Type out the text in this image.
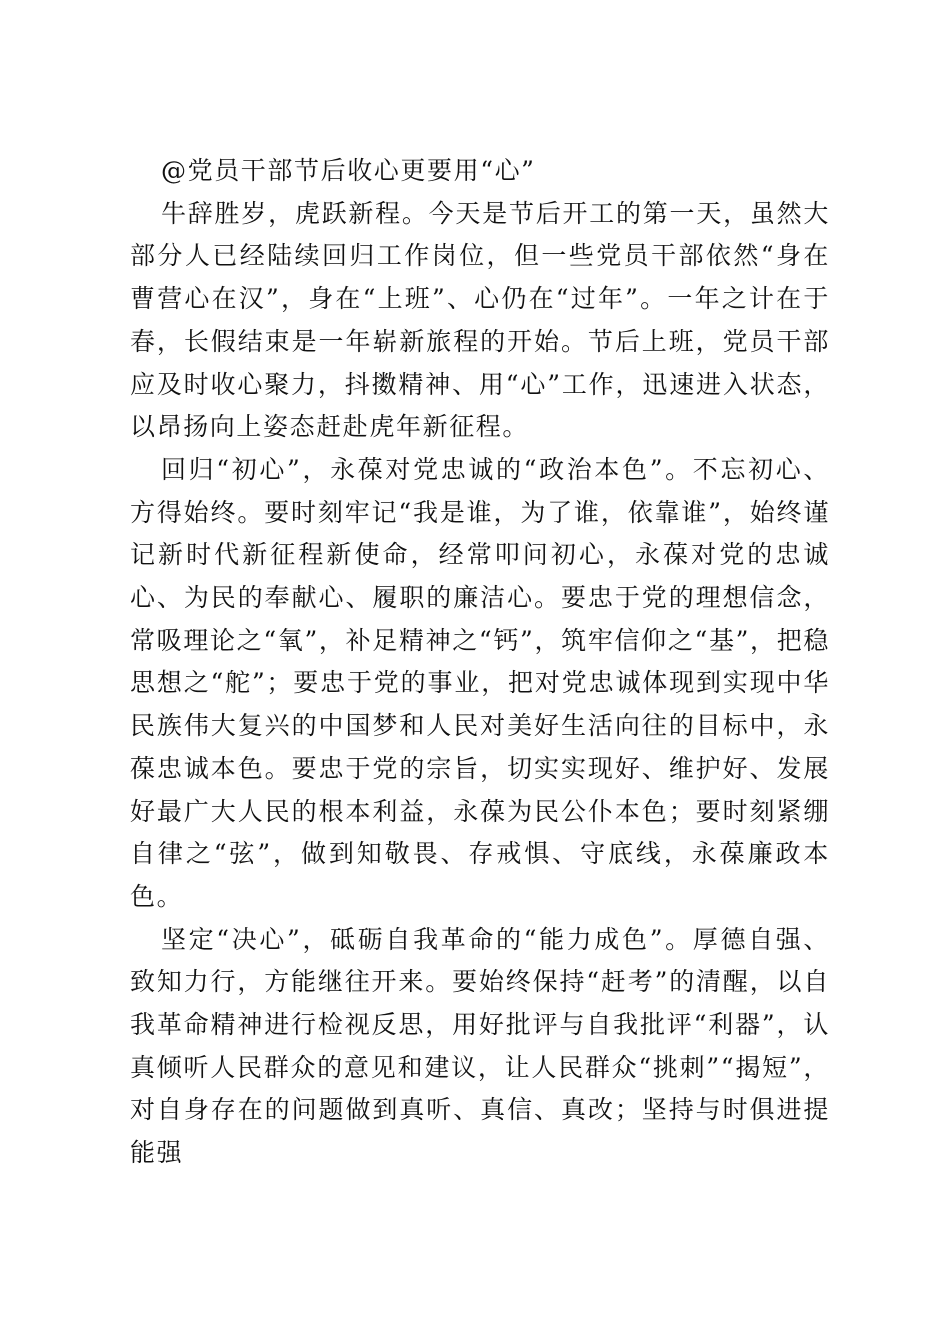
@党员干部节后收心更要用“心”

牛辞胜岁，虎跃新程。今天是节后开工的第一天，虽然大部分人已经陆续回归工作岗位，但一些党员干部依然“身在曹营心在汉”，身在“上班”、心仍在“过年”。一年之计在于春，长假结束是一年崭新旅程的开始。节后上班，党员干部应及时收心聚力，抖擞精神、用“心”工作，迅速进入状态，以昂扬向上姿态赶赴虎年新征程。

回归“初心”，永葆对党忠诚的“政治本色”。不忘初心、方得始终。要时刻牢记“我是谁，为了谁，依靠谁”，始终谨记新时代新征程新使命，经常叩问初心，永葆对党的忠诚心、为民的奉献心、履职的廉洁心。要忠于党的理想信念，常吸理论之“氧”，补足精神之“钙”，筑牢信仰之“基”，把稳思想之“舵”；要忠于党的事业，把对党忠诚体现到实现中华民族伟大复兴的中国梦和人民对美好生活向往的目标中，永葆忠诚本色。要忠于党的宗旨，切实实现好、维护好、发展好最广大人民的根本利益，永葆为民公仆本色；要时刻紧绷自律之“弦”，做到知敬畏、存戒惧、守底线，永葆廉政本色。

坚定“决心”，砥砺自我革命的“能力成色”。厚德自强、致知力行，方能继往开来。要始终保持“赶考”的清醒，以自我革命精神进行检视反思，用好批评与自我批评“利器”，认真倾听人民群众的意见和建议，让人民群众“挑刺”“揭短”，对自身存在的问题做到真听、真信、真改；坚持与时俱进提能强
